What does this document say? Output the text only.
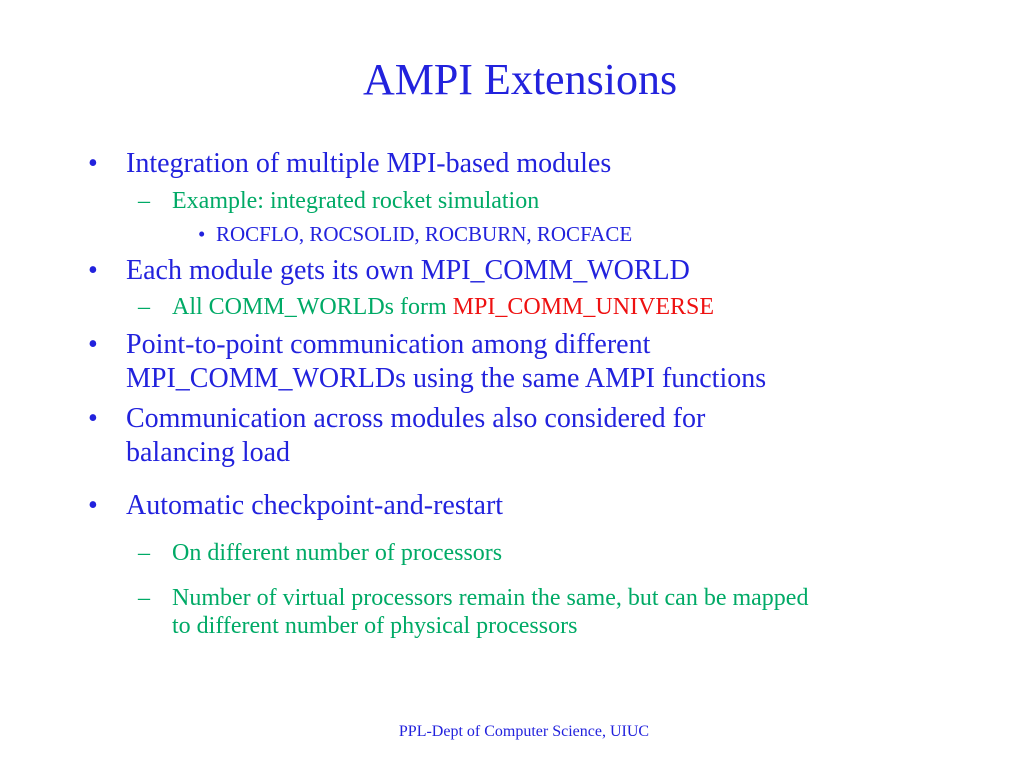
AMPI Extensions
• Integration of multiple MPI-based modules
– Example: integrated rocket simulation
• ROCFLO, ROCSOLID, ROCBURN, ROCFACE
• Each module gets its own MPI_COMM_WORLD
– All COMM_WORLDs form MPI_COMM_UNIVERSE
• Point-to-point communication among different
MPI_COMM_WORLDs using the same AMPI functions
• Communication across modules also considered for
balancing load
• Automatic checkpoint-and-restart
– On different number of processors
– Number of virtual processors remain the same, but can be mapped
to different number of physical processors
PPL-Dept of Computer Science, UIUC
